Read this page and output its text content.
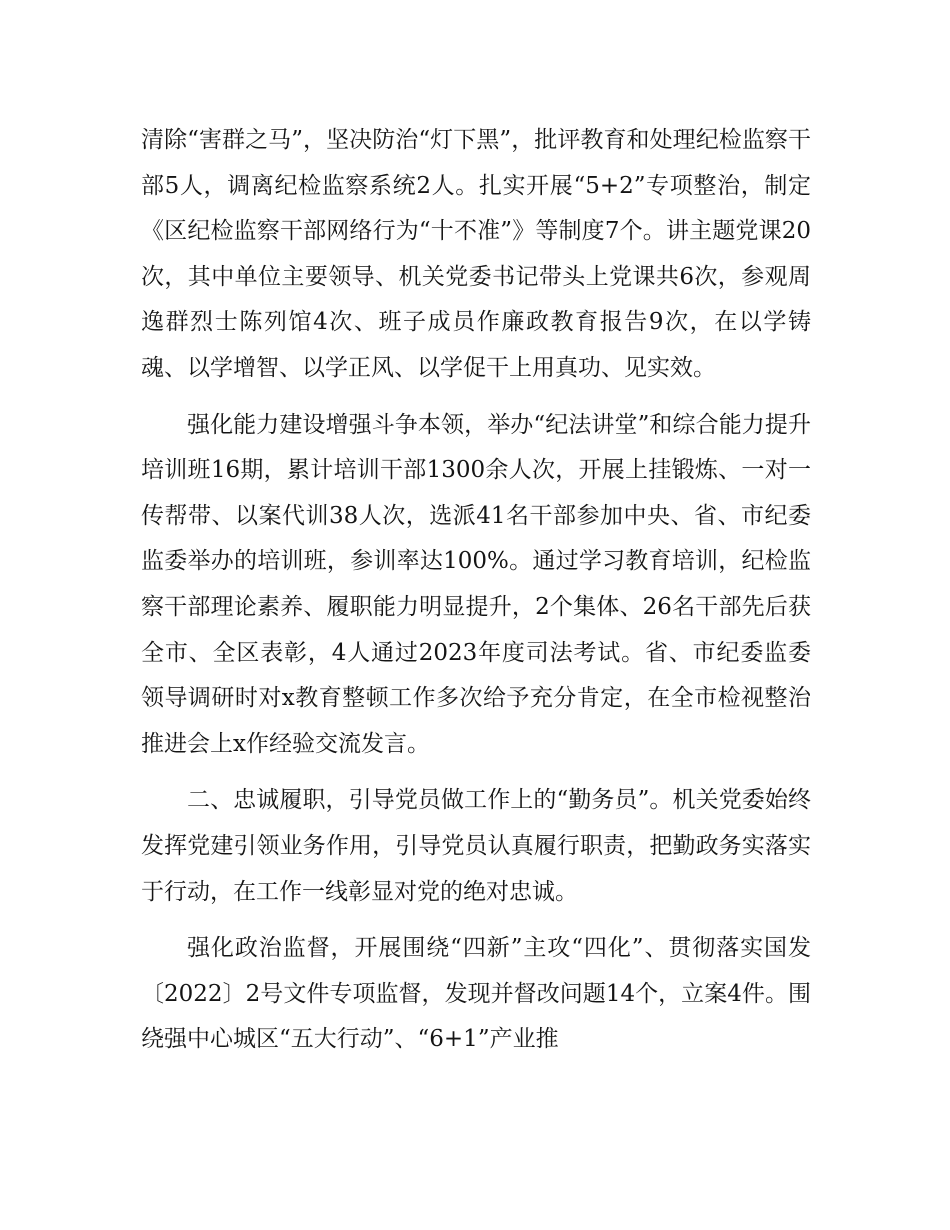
清除“害群之马”，坚决防治“灯下黑”，批评教育和处理纪检监察干部5人，调离纪检监察系统2人。扎实开展“5+2”专项整治，制定《区纪检监察干部网络行为“十不准”》等制度7个。讲主题党课20次，其中单位主要领导、机关党委书记带头上党课共6次，参观周逸群烈士陈列馆4次、班子成员作廉政教育报告9次，在以学铸魂、以学增智、以学正风、以学促干上用真功、见实效。

强化能力建设增强斗争本领，举办“纪法讲堂”和综合能力提升培训班16期，累计培训干部1300余人次，开展上挂锻炼、一对一传帮带、以案代训38人次，选派41名干部参加中央、省、市纪委监委举办的培训班，参训率达100%。通过学习教育培训，纪检监察干部理论素养、履职能力明显提升，2个集体、26名干部先后获全市、全区表彰，4人通过2023年度司法考试。省、市纪委监委领导调研时对x教育整顿工作多次给予充分肯定，在全市检视整治推进会上x作经验交流发言。

二、忠诚履职，引导党员做工作上的“勤务员”。机关党委始终发挥党建引领业务作用，引导党员认真履行职责，把勤政务实落实于行动，在工作一线彰显对党的绝对忠诚。

强化政治监督，开展围绕“四新”主攻“四化”、贯彻落实国发〔2022〕2号文件专项监督，发现并督改问题14个，立案4件。围绕强中心城区“五大行动”、“6+1”产业推
